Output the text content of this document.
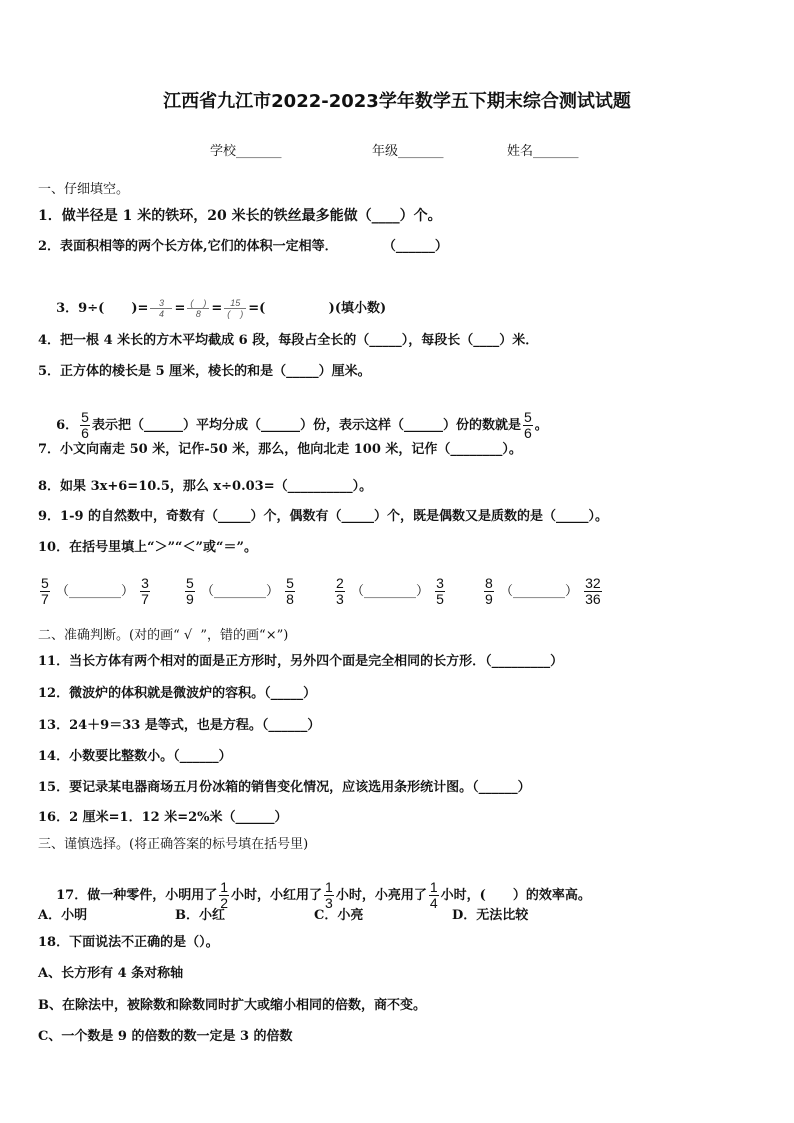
江西省九江市2022-2023学年数学五下期末综合测试试题
学校_______	年级_______	姓名_______
一、仔细填空。
1．做半径是 1 米的铁环，20 米长的铁丝最多能做（____）个。
2．表面积相等的两个长方体,它们的体积一定相等．          （______）

3．9÷(      )= $\frac{3}{4} = \frac{( )}{8} = \frac{15}{( )}$ =(              )(填小数)

4．把一根 4 米长的方木平均截成 6 段，每段占全长的（_____），每段长（____）米．
5．正方体的棱长是 5 厘米，棱长的和是（_____）厘米。

6． $\frac{5}{6}$ 表示把（______）平均分成（______）份，表示这样（______）份的数就是 $\frac{5}{6}$ 。

7．小文向南走 50 米，记作-50 米，那么，他向北走 100 米，记作（________）。
8．如果 3x+6=10.5，那么 x÷0.03=（__________）。
9．1-9 的自然数中，奇数有（_____）个，偶数有（_____）个，既是偶数又是质数的是（_____）。
10．在括号里填上“＞”“＜”或“＝”。
$\frac{5}{7}$ （________） $\frac{3}{7}$	$\frac{5}{9}$ （________） $\frac{5}{8}$	$\frac{2}{3}$ （________） $\frac{3}{5}$	$\frac{8}{9}$ （________） $\frac{32}{36}$
二、准确判断。(对的画“ √  ”，错的画“×”)
11．当长方体有两个相对的面是正方形时，另外四个面是完全相同的长方形．（_________）
12．微波炉的体积就是微波炉的容积。（_____）
13．24＋9＝33 是等式，也是方程。（______）
14．小数要比整数小。（______）
15．要记录某电器商场五月份冰箱的销售变化情况，应该选用条形统计图。（______）
16．2 厘米=1．12 米=2%米（______）
三、谨慎选择。(将正确答案的标号填在括号里)

17．做一种零件，小明用了 $\frac{1}{2}$ 小时，小红用了 $\frac{1}{3}$ 小时，小亮用了 $\frac{1}{4}$ 小时，(      ）的效率高。

A．小明	B．小红	C．小亮	D．无法比较
18．下面说法不正确的是（）。
A、长方形有 4 条对称轴
B、在除法中，被除数和除数同时扩大或缩小相同的倍数，商不变。
C、一个数是 9 的倍数的数一定是 3 的倍数
